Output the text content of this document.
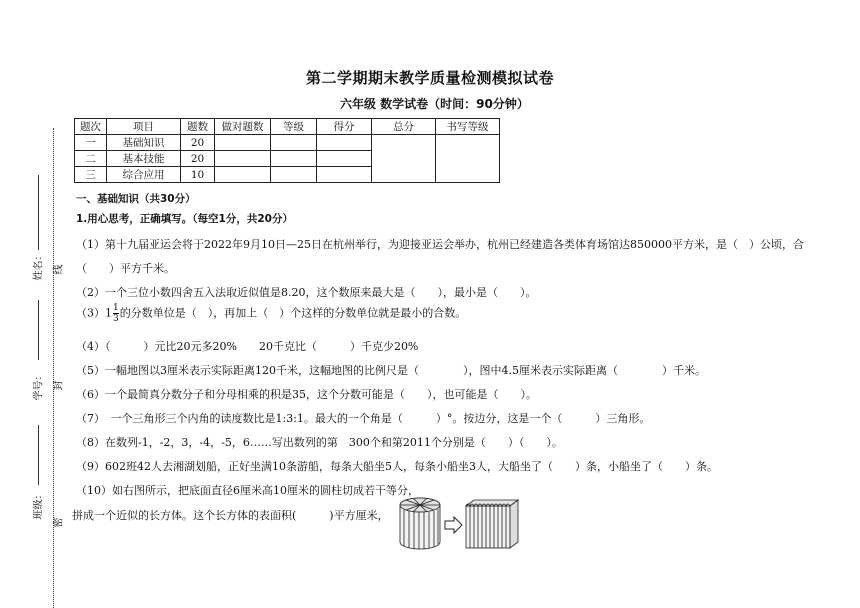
姓名： 线
学号： 封
班级：
密
第二学期期末教学质量检测模拟试卷
六年级 数学试卷（时间：90分钟）
题次	项目	题数	做对题数	等级	得分	总分	书写等级
一	基础知识	20					
二	基本技能	20					
三	综合应用	10					
一、基础知识（共30分）
1.用心思考，正确填写。（每空1分，共20分）
（1）第十九届亚运会将于2022年9月10日—25日在杭州举行，为迎接亚运会举办，杭州已经建造各类体育场馆达850000平方米，是（　）公顷，合
（　　）平方千米。
（2）一个三位小数四舍五入法取近似值是8.20，这个数原来最大是（　　），最小是（　　）。
$(3)1 \frac{1}{3}$ 的分数单位是（　），再加上（　）个这样的分数单位就是最小的合数。
（4）（　　　）元比20元多20%　　20千克比（　　　）千克少20%
（5）一幅地图以3厘米表示实际距离120千米，这幅地图的比例尺是（　　　　），图中4.5厘米表示实际距离（　　　　）千米。
（6）一个最简真分数分子和分母相乘的积是35，这个分数可能是（　　），也可能是（　　）。
（7）　一个三角形三个内角的读度数比是1:3:1。最大的一个角是（　　　）°。按边分，这是一个（　　　）三角形。
（8）在数列-1，-2，3，-4，-5，6……写出数列的第　300个和第2011个分别是（　　）（　　）。
（9）602班42人去湘湖划船，正好坐满10条游船，每条大船坐5人，每条小船坐3人，大船坐了（　　）条，小船坐了（　　）条。
（10）如右图所示，把底面直径6厘米高10厘米的圆柱切成若干等分，
拼成一个近似的长方体。这个长方体的表面积(　　　)平方厘米，
